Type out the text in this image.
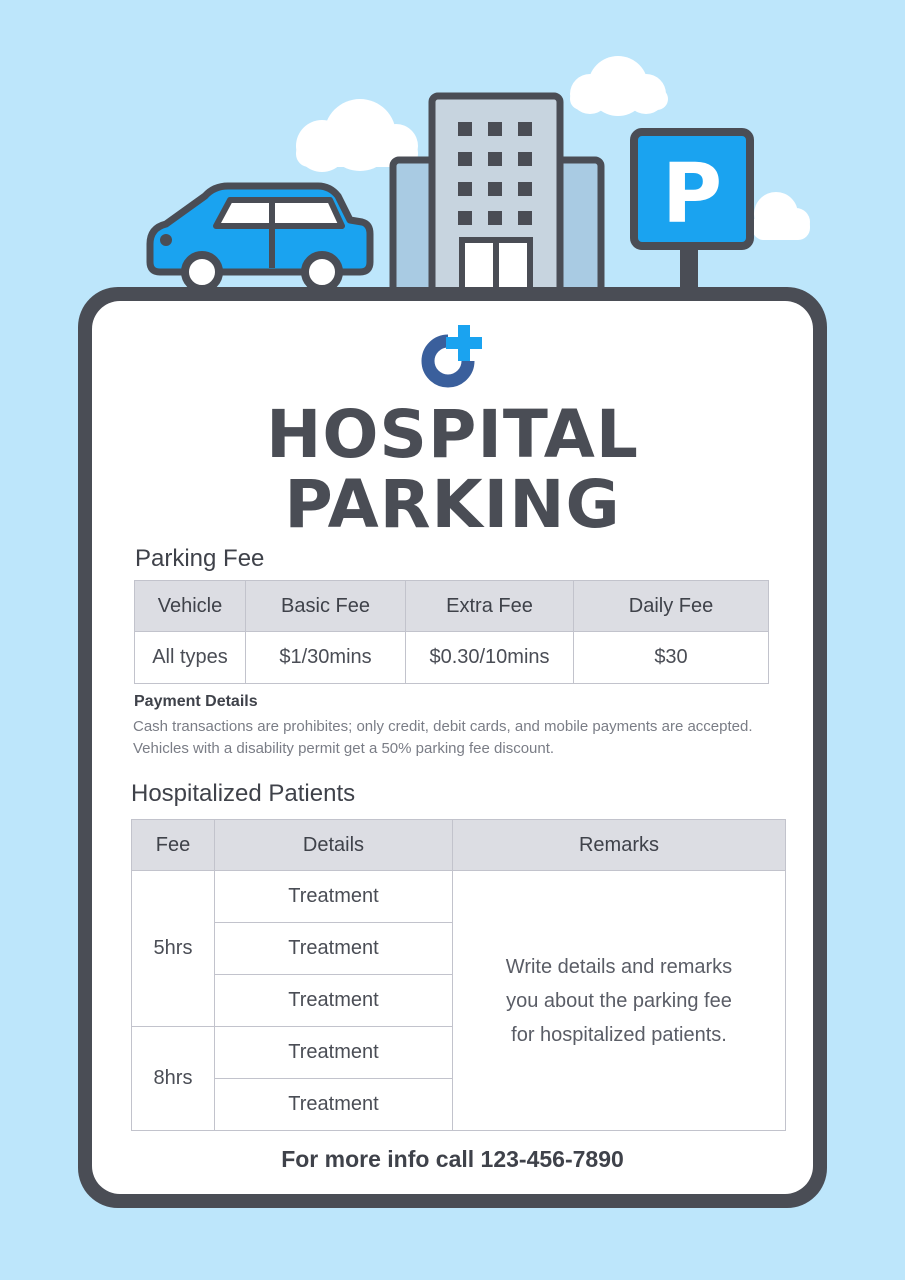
P
HOSPITAL
PARKING
Parking Fee
Vehicle	Basic Fee	Extra Fee	Daily Fee
All types	$1/30mins	$0.30/10mins	$30
Payment Details
Cash transactions are prohibites; only credit, debit cards, and mobile payments are accepted. Vehicles with a disability permit get a 50% parking fee discount.
Hospitalized Patients
Fee	Details	Remarks
5hrs	Treatment	Write details and remarks
you about the parking fee
for hospitalized patients.

	Treatment	
	Treatment	
8hrs	Treatment	
	Treatment	
For more info call 123-456-7890
